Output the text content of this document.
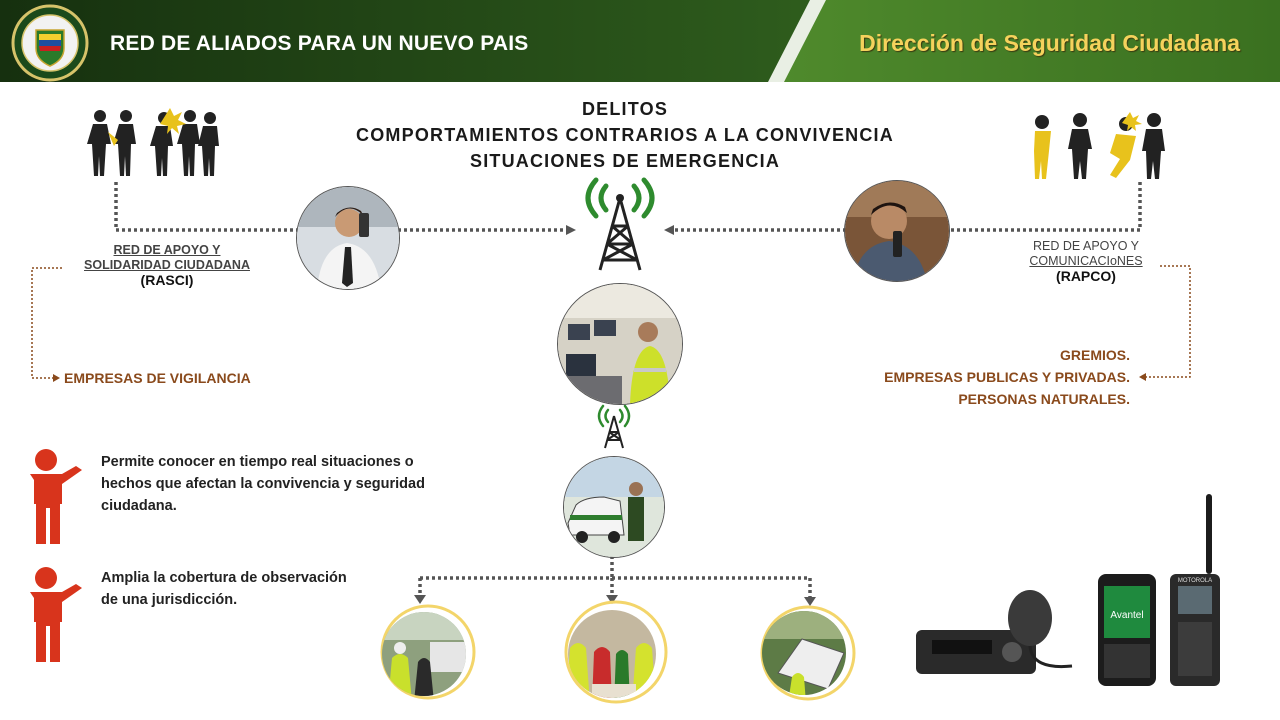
RED DE ALIADOS PARA UN NUEVO PAIS	Dirección de Seguridad Ciudadana
DELITOS
COMPORTAMIENTOS CONTRARIOS A LA CONVIVENCIA
SITUACIONES DE EMERGENCIA
Avantel
MOTOROLA
RED DE APOYO Y
SOLIDARIDAD CIUDADANA
(RASCI)
RED DE APOYO Y
COMUNICACIoNES
(RAPCO)
EMPRESAS DE VIGILANCIA
GREMIOS.
EMPRESAS PUBLICAS Y PRIVADAS.
PERSONAS NATURALES.
Permite conocer en tiempo real situaciones o
hechos que afectan la convivencia y seguridad
ciudadana.
Amplia la cobertura de observación
de una jurisdicción.
